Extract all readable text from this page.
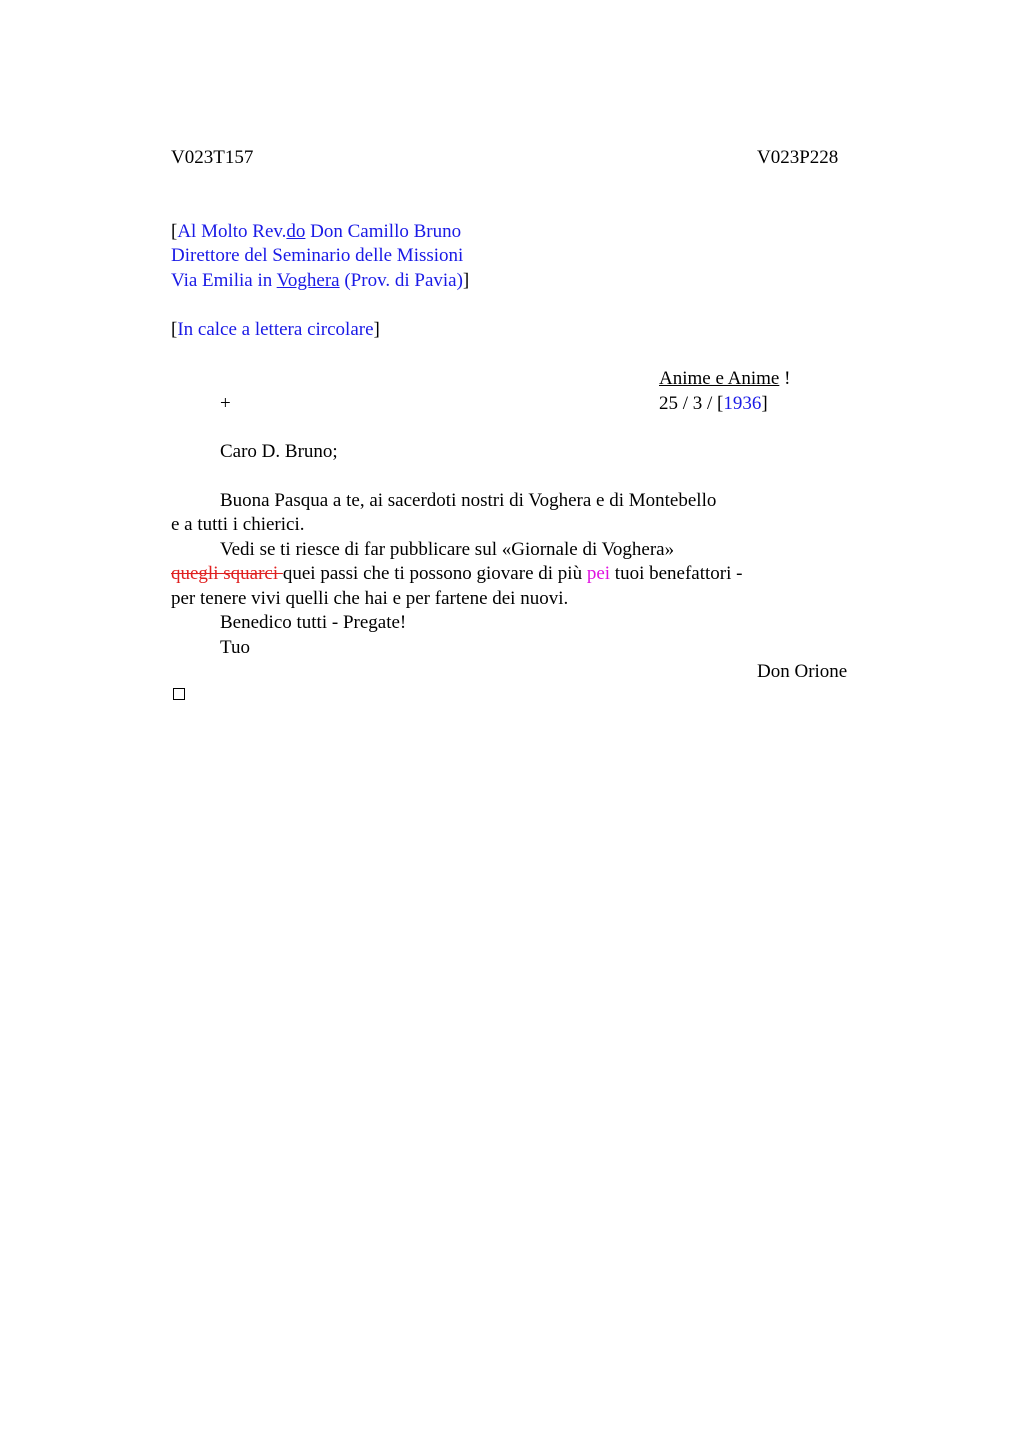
V023T157	V023P228
[Al Molto Rev.do Don Camillo Bruno
Direttore del Seminario delle Missioni
Via Emilia in Voghera (Prov. di Pavia)]
[In calce a lettera circolare]
Anime e Anime !
+	25 / 3 / [1936]
Caro D. Bruno;
Buona Pasqua a te, ai sacerdoti nostri di Voghera e di Montebello
e a tutti i chierici.
Vedi se ti riesce di far pubblicare sul «Giornale di Voghera»
quegli squarci quei passi che ti possono giovare di più pei tuoi benefattori -
per tenere vivi quelli che hai e per fartene dei nuovi.
Benedico tutti - Pregate!
Tuo
Don Orione
